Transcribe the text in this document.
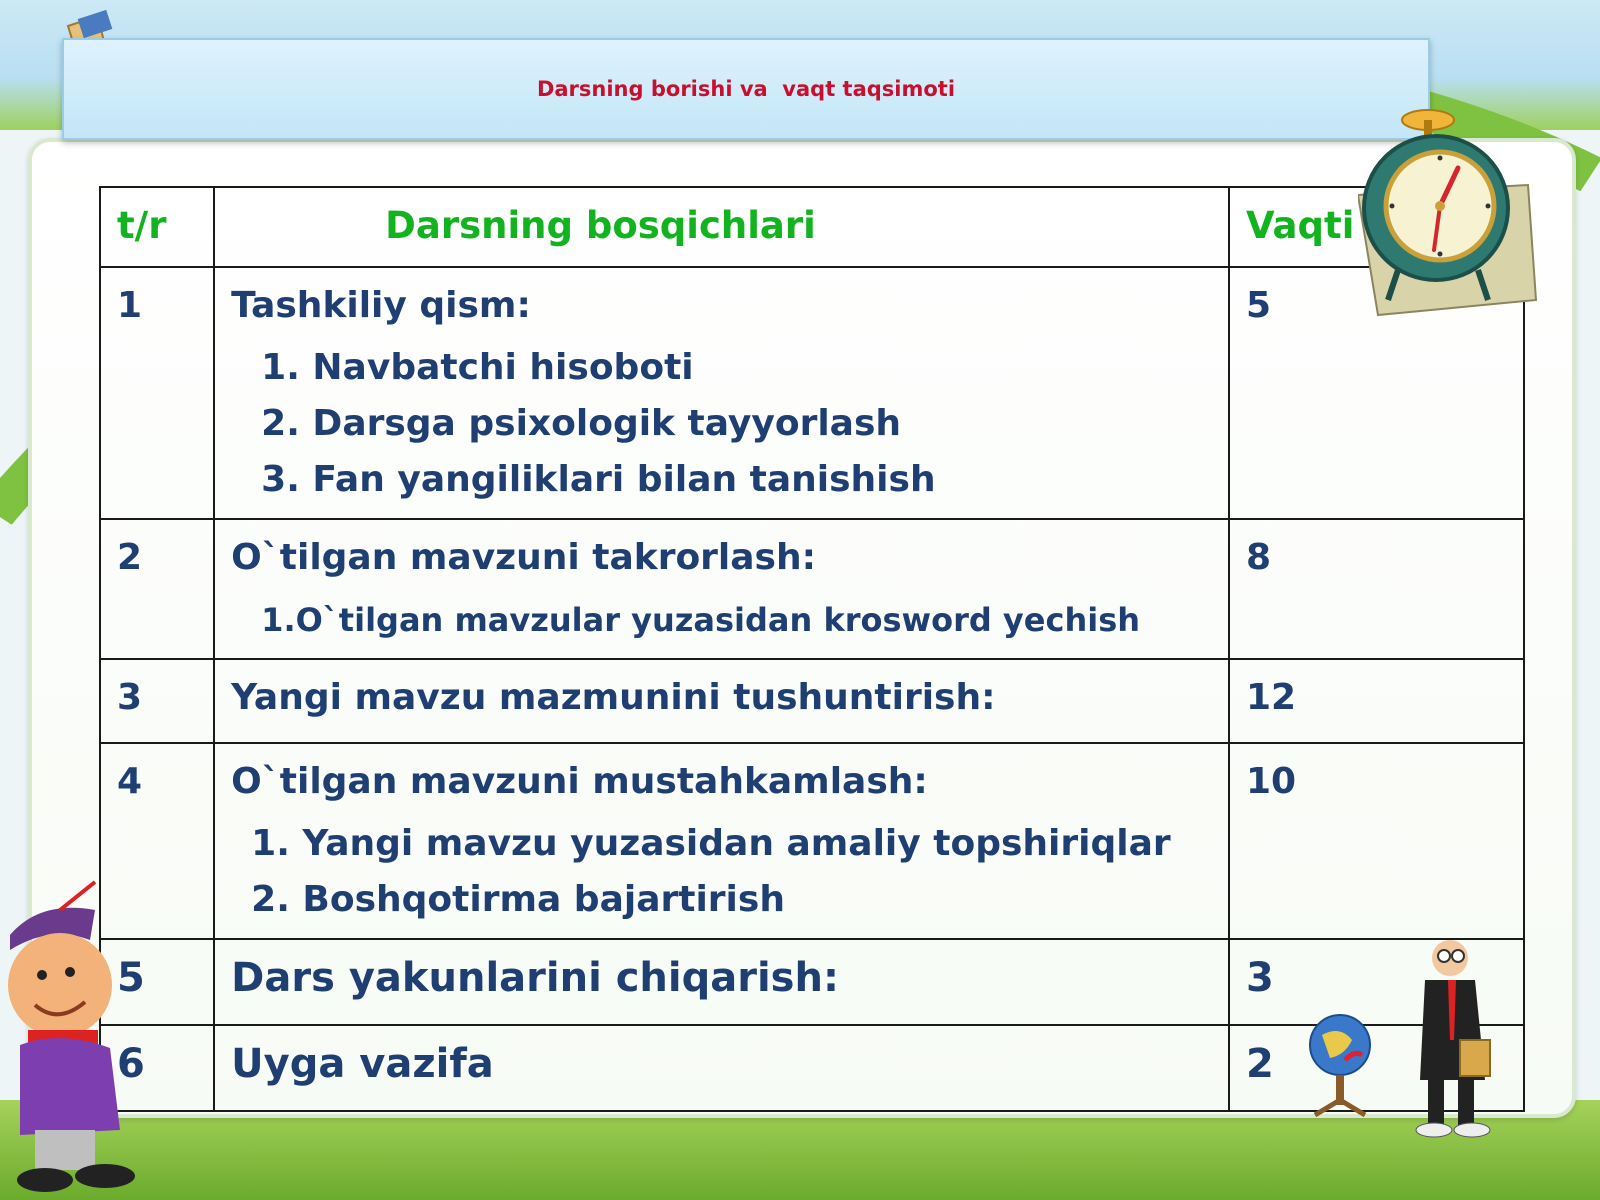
Darsning borishi va  vaqt taqsimoti
t/r	Darsning bosqichlari	Vaqti
1	Tashkiliy qism:
1. Navbatchi hisoboti
2. Darsga psixologik tayyorlash
3. Fan yangiliklari bilan tanishish	5
2	O`tilgan mavzuni takrorlash:
1.O`tilgan mavzular yuzasidan krosword yechish	8
3	Yangi mavzu mazmunini tushuntirish:	12
4	O`tilgan mavzuni mustahkamlash:
1. Yangi mavzu yuzasidan amaliy topshiriqlar
2. Boshqotirma bajartirish	10
5	Dars yakunlarini chiqarish:	3
6	Uyga vazifa	2
